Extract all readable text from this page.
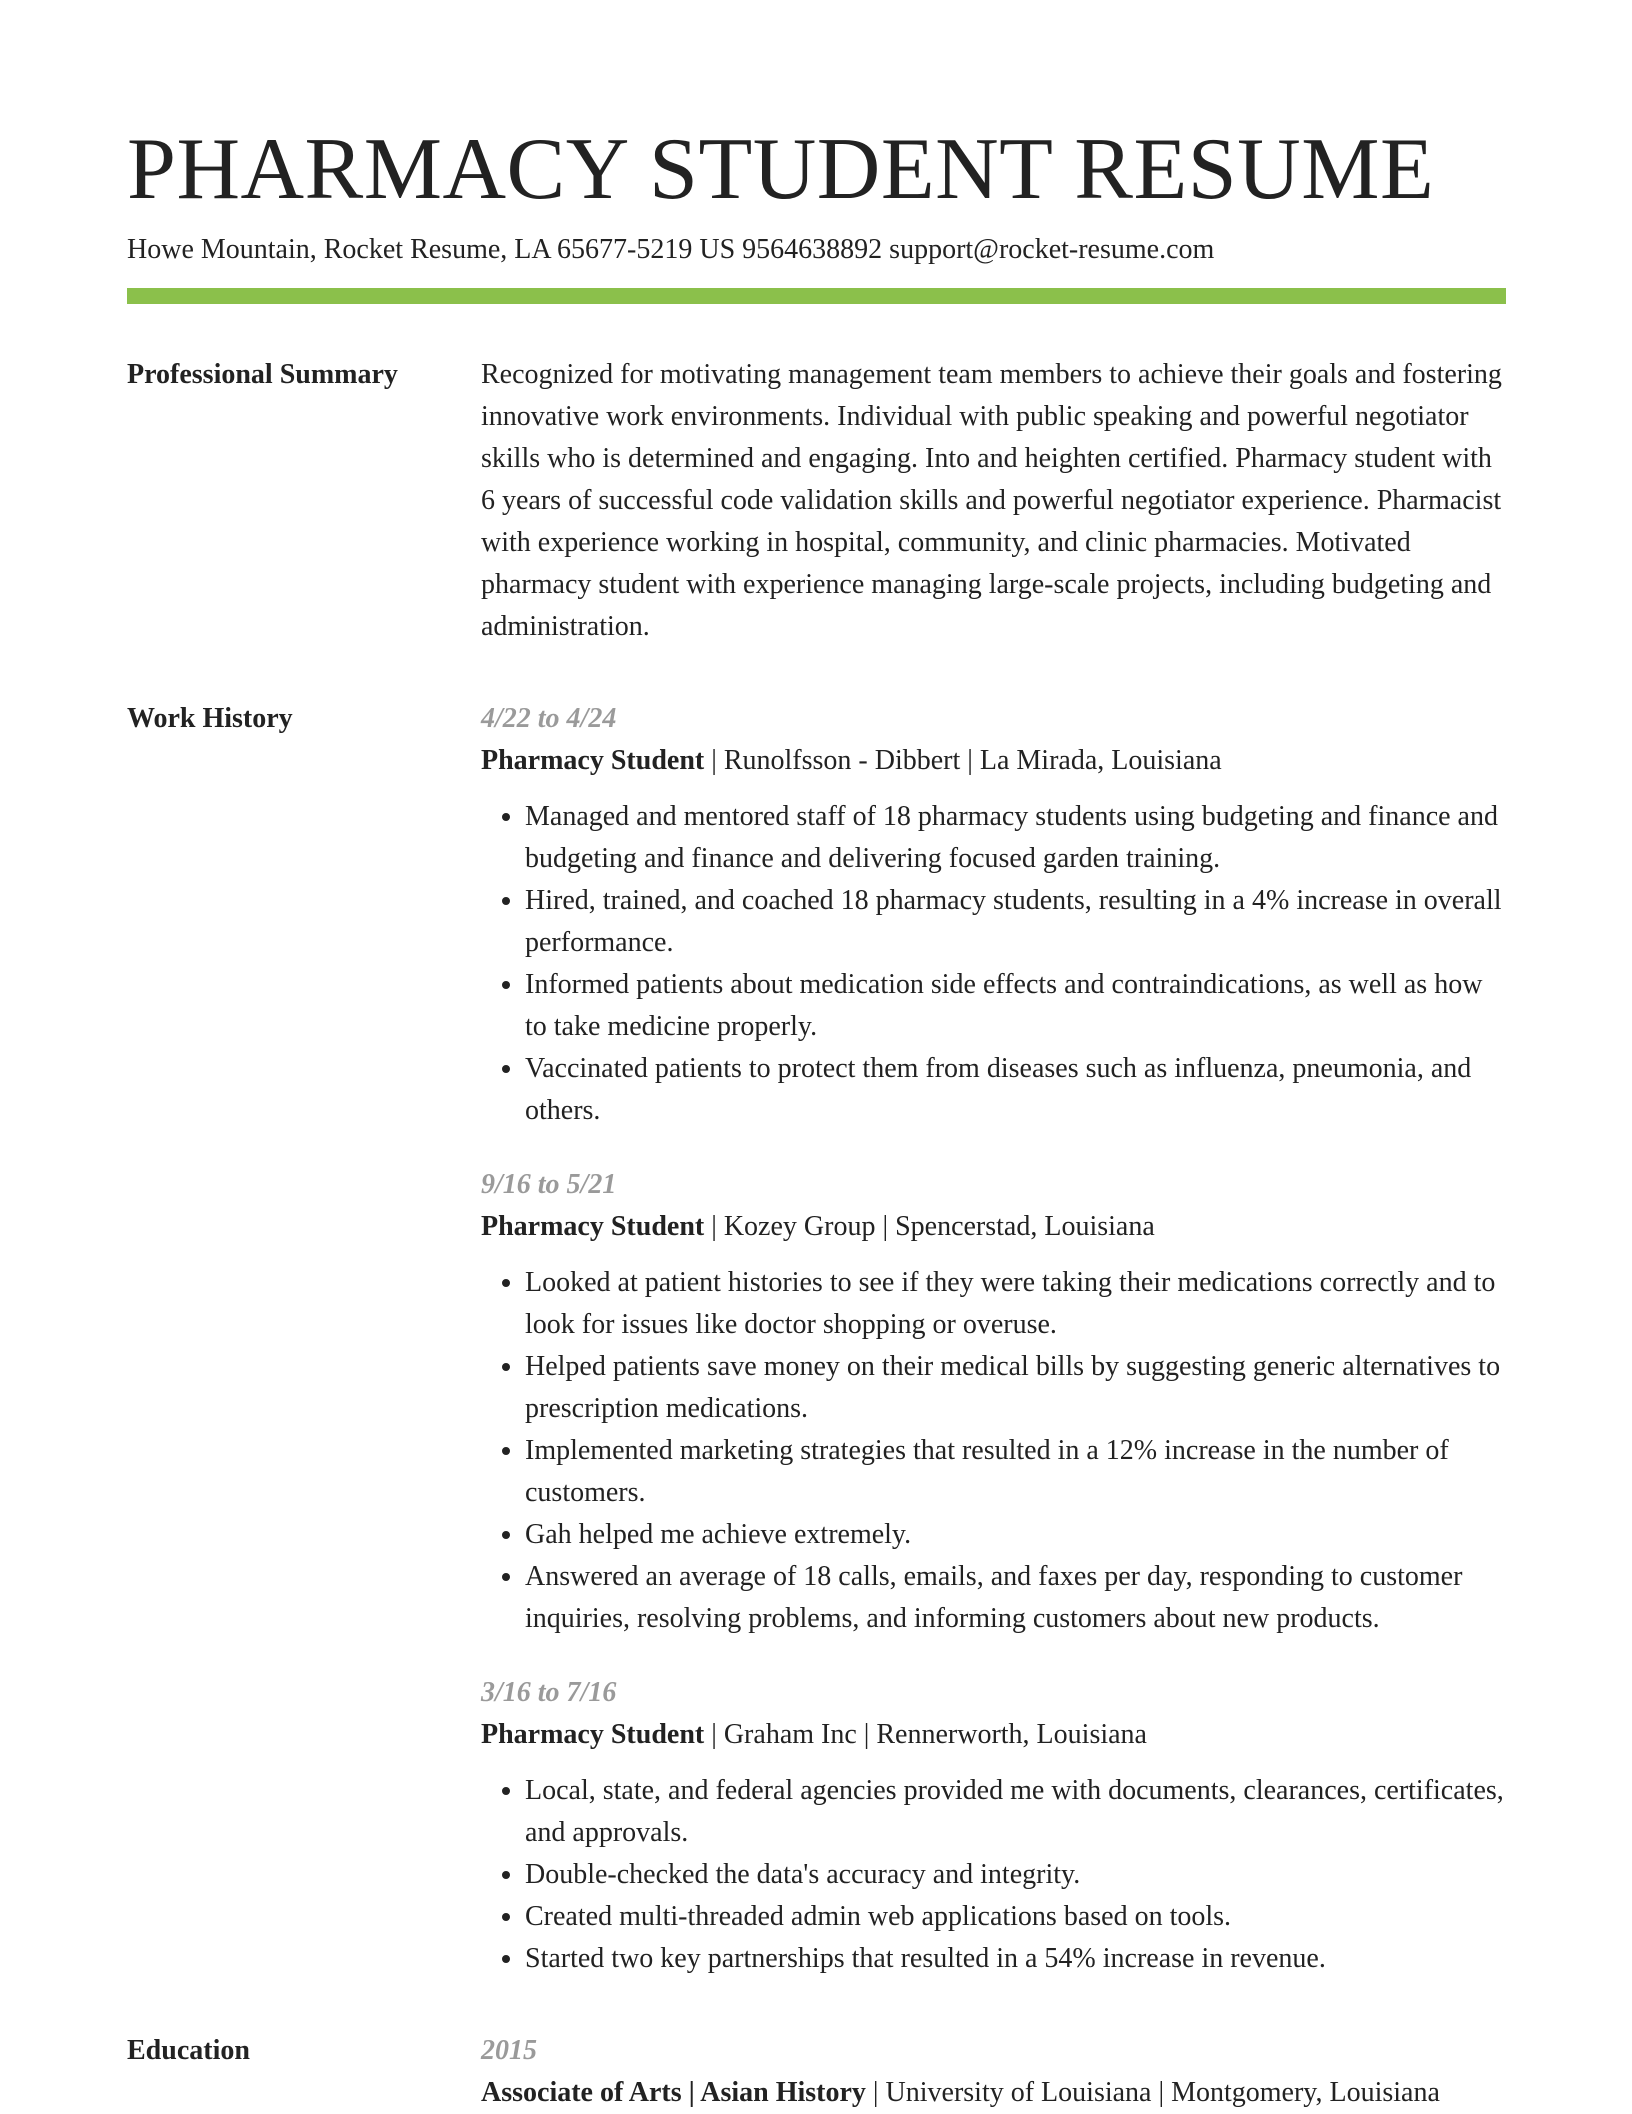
PHARMACY STUDENT RESUME
Howe Mountain, Rocket Resume, LA 65677-5219 US 9564638892 support@rocket-resume.com
Professional Summary	Recognized for motivating management team members to achieve their goals and fostering innovative work environments. Individual with public speaking and powerful negotiator skills who is determined and engaging. Into and heighten certified. Pharmacy student with 6 years of successful code validation skills and powerful negotiator experience. Pharmacist with experience working in hospital, community, and clinic pharmacies. Motivated pharmacy student with experience managing large-scale projects, including budgeting and administration.

Work History	4/22 to 4/24
Pharmacy Student | Runolfsson - Dibbert | La Mirada, Louisiana
• Managed and mentored staff of 18 pharmacy students using budgeting and finance and budgeting and finance and delivering focused garden training.
• Hired, trained, and coached 18 pharmacy students, resulting in a 4% increase in overall performance.
• Informed patients about medication side effects and contraindications, as well as how to take medicine properly.
• Vaccinated patients to protect them from diseases such as influenza, pneumonia, and others.
9/16 to 5/21
Pharmacy Student | Kozey Group | Spencerstad, Louisiana
• Looked at patient histories to see if they were taking their medications correctly and to look for issues like doctor shopping or overuse.
• Helped patients save money on their medical bills by suggesting generic alternatives to prescription medications.
• Implemented marketing strategies that resulted in a 12% increase in the number of customers.
• Gah helped me achieve extremely.
• Answered an average of 18 calls, emails, and faxes per day, responding to customer inquiries, resolving problems, and informing customers about new products.
3/16 to 7/16
Pharmacy Student | Graham Inc | Rennerworth, Louisiana
• Local, state, and federal agencies provided me with documents, clearances, certificates, and approvals.
• Double-checked the data's accuracy and integrity.
• Created multi-threaded admin web applications based on tools.
• Started two key partnerships that resulted in a 54% increase in revenue.
Education	2015
Associate of Arts | Asian History | University of Louisiana | Montgomery, Louisiana
